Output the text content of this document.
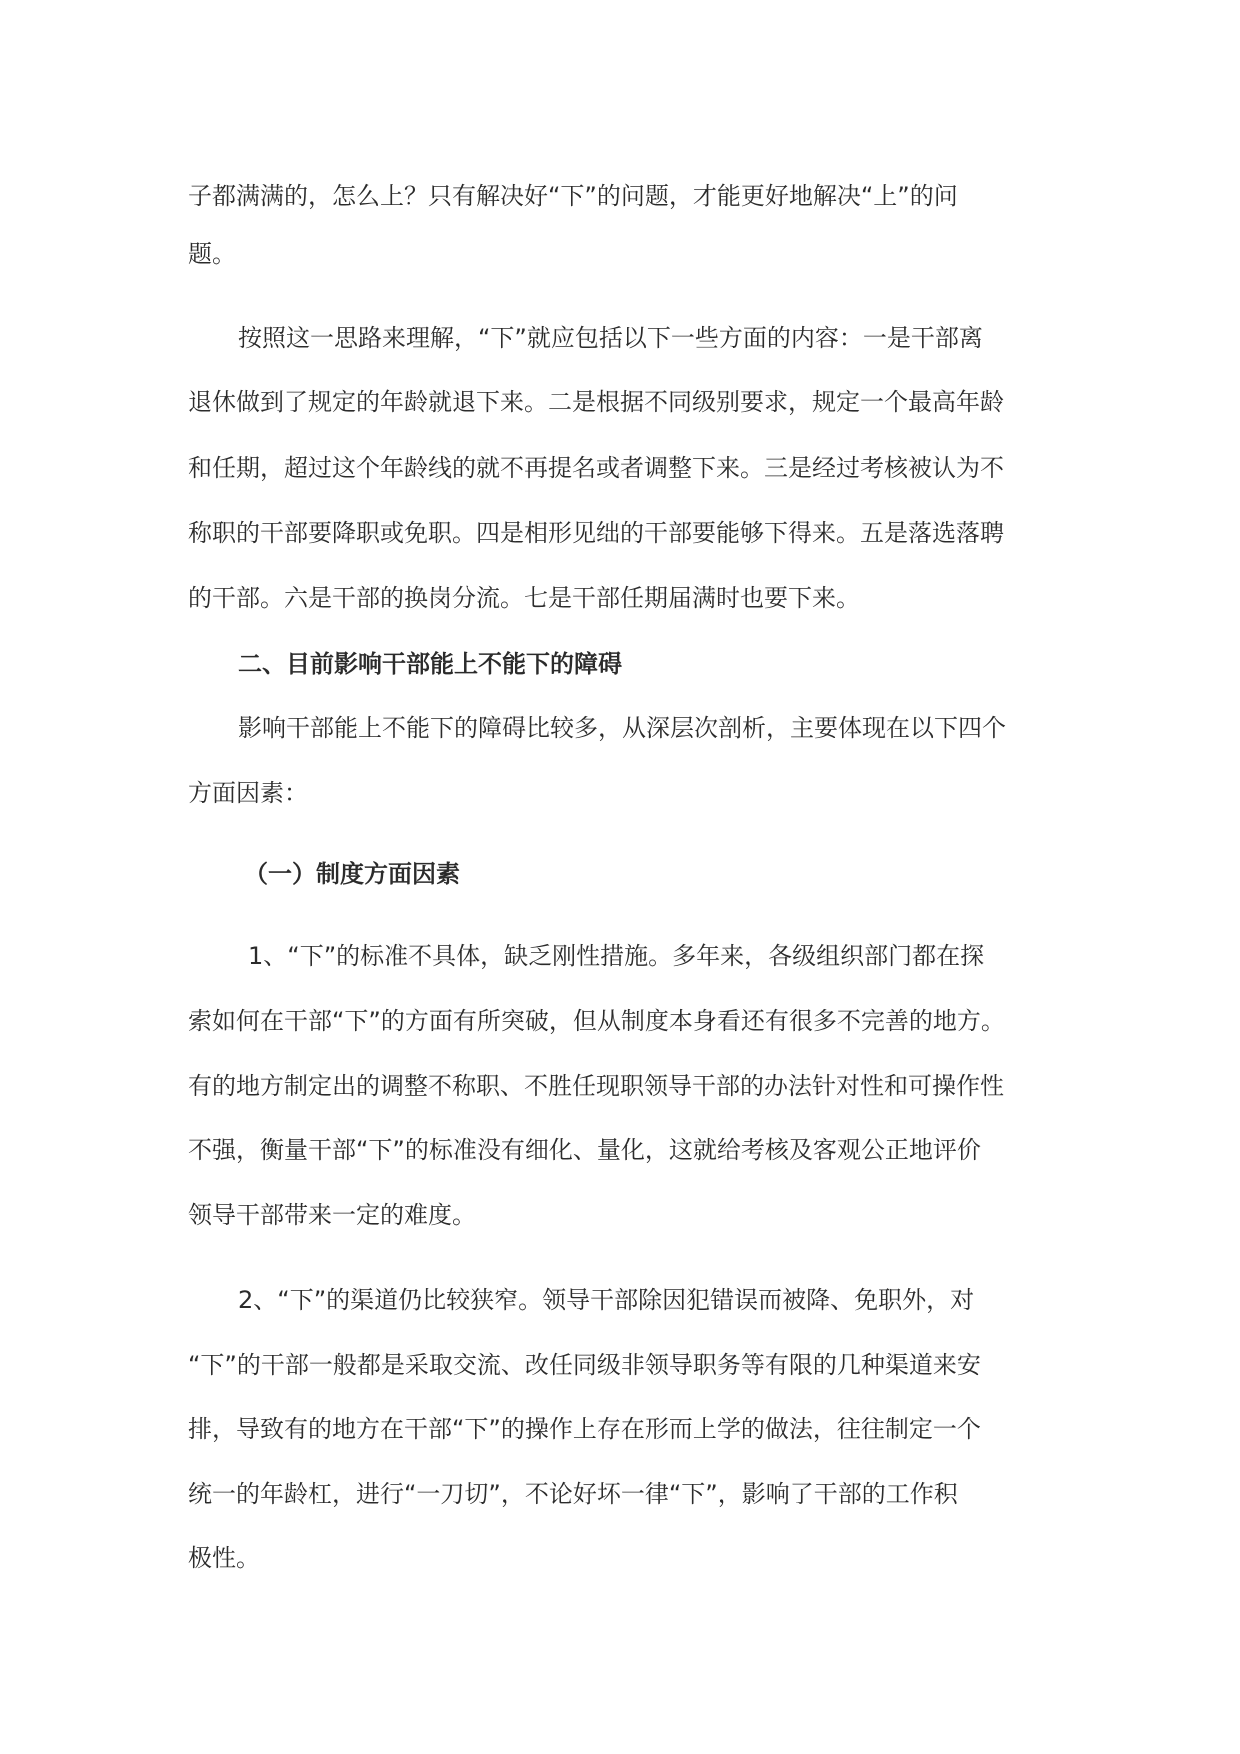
子都满满的，怎么上？只有解决好“下”的问题，才能更好地解决“上”的问
题。
按照这一思路来理解，“下”就应包括以下一些方面的内容：一是干部离
退休做到了规定的年龄就退下来。二是根据不同级别要求，规定一个最高年龄
和任期，超过这个年龄线的就不再提名或者调整下来。三是经过考核被认为不
称职的干部要降职或免职。四是相形见绌的干部要能够下得来。五是落选落聘
的干部。六是干部的换岗分流。七是干部任期届满时也要下来。
二、目前影响干部能上不能下的障碍
影响干部能上不能下的障碍比较多，从深层次剖析，主要体现在以下四个
方面因素：
（一）制度方面因素
1、“下”的标准不具体，缺乏刚性措施。多年来，各级组织部门都在探
索如何在干部“下”的方面有所突破，但从制度本身看还有很多不完善的地方。
有的地方制定出的调整不称职、不胜任现职领导干部的办法针对性和可操作性
不强，衡量干部“下”的标准没有细化、量化，这就给考核及客观公正地评价
领导干部带来一定的难度。
2、“下”的渠道仍比较狭窄。领导干部除因犯错误而被降、免职外，对
“下”的干部一般都是采取交流、改任同级非领导职务等有限的几种渠道来安
排，导致有的地方在干部“下”的操作上存在形而上学的做法，往往制定一个
统一的年龄杠，进行“一刀切”，不论好坏一律“下”，影响了干部的工作积
极性。
